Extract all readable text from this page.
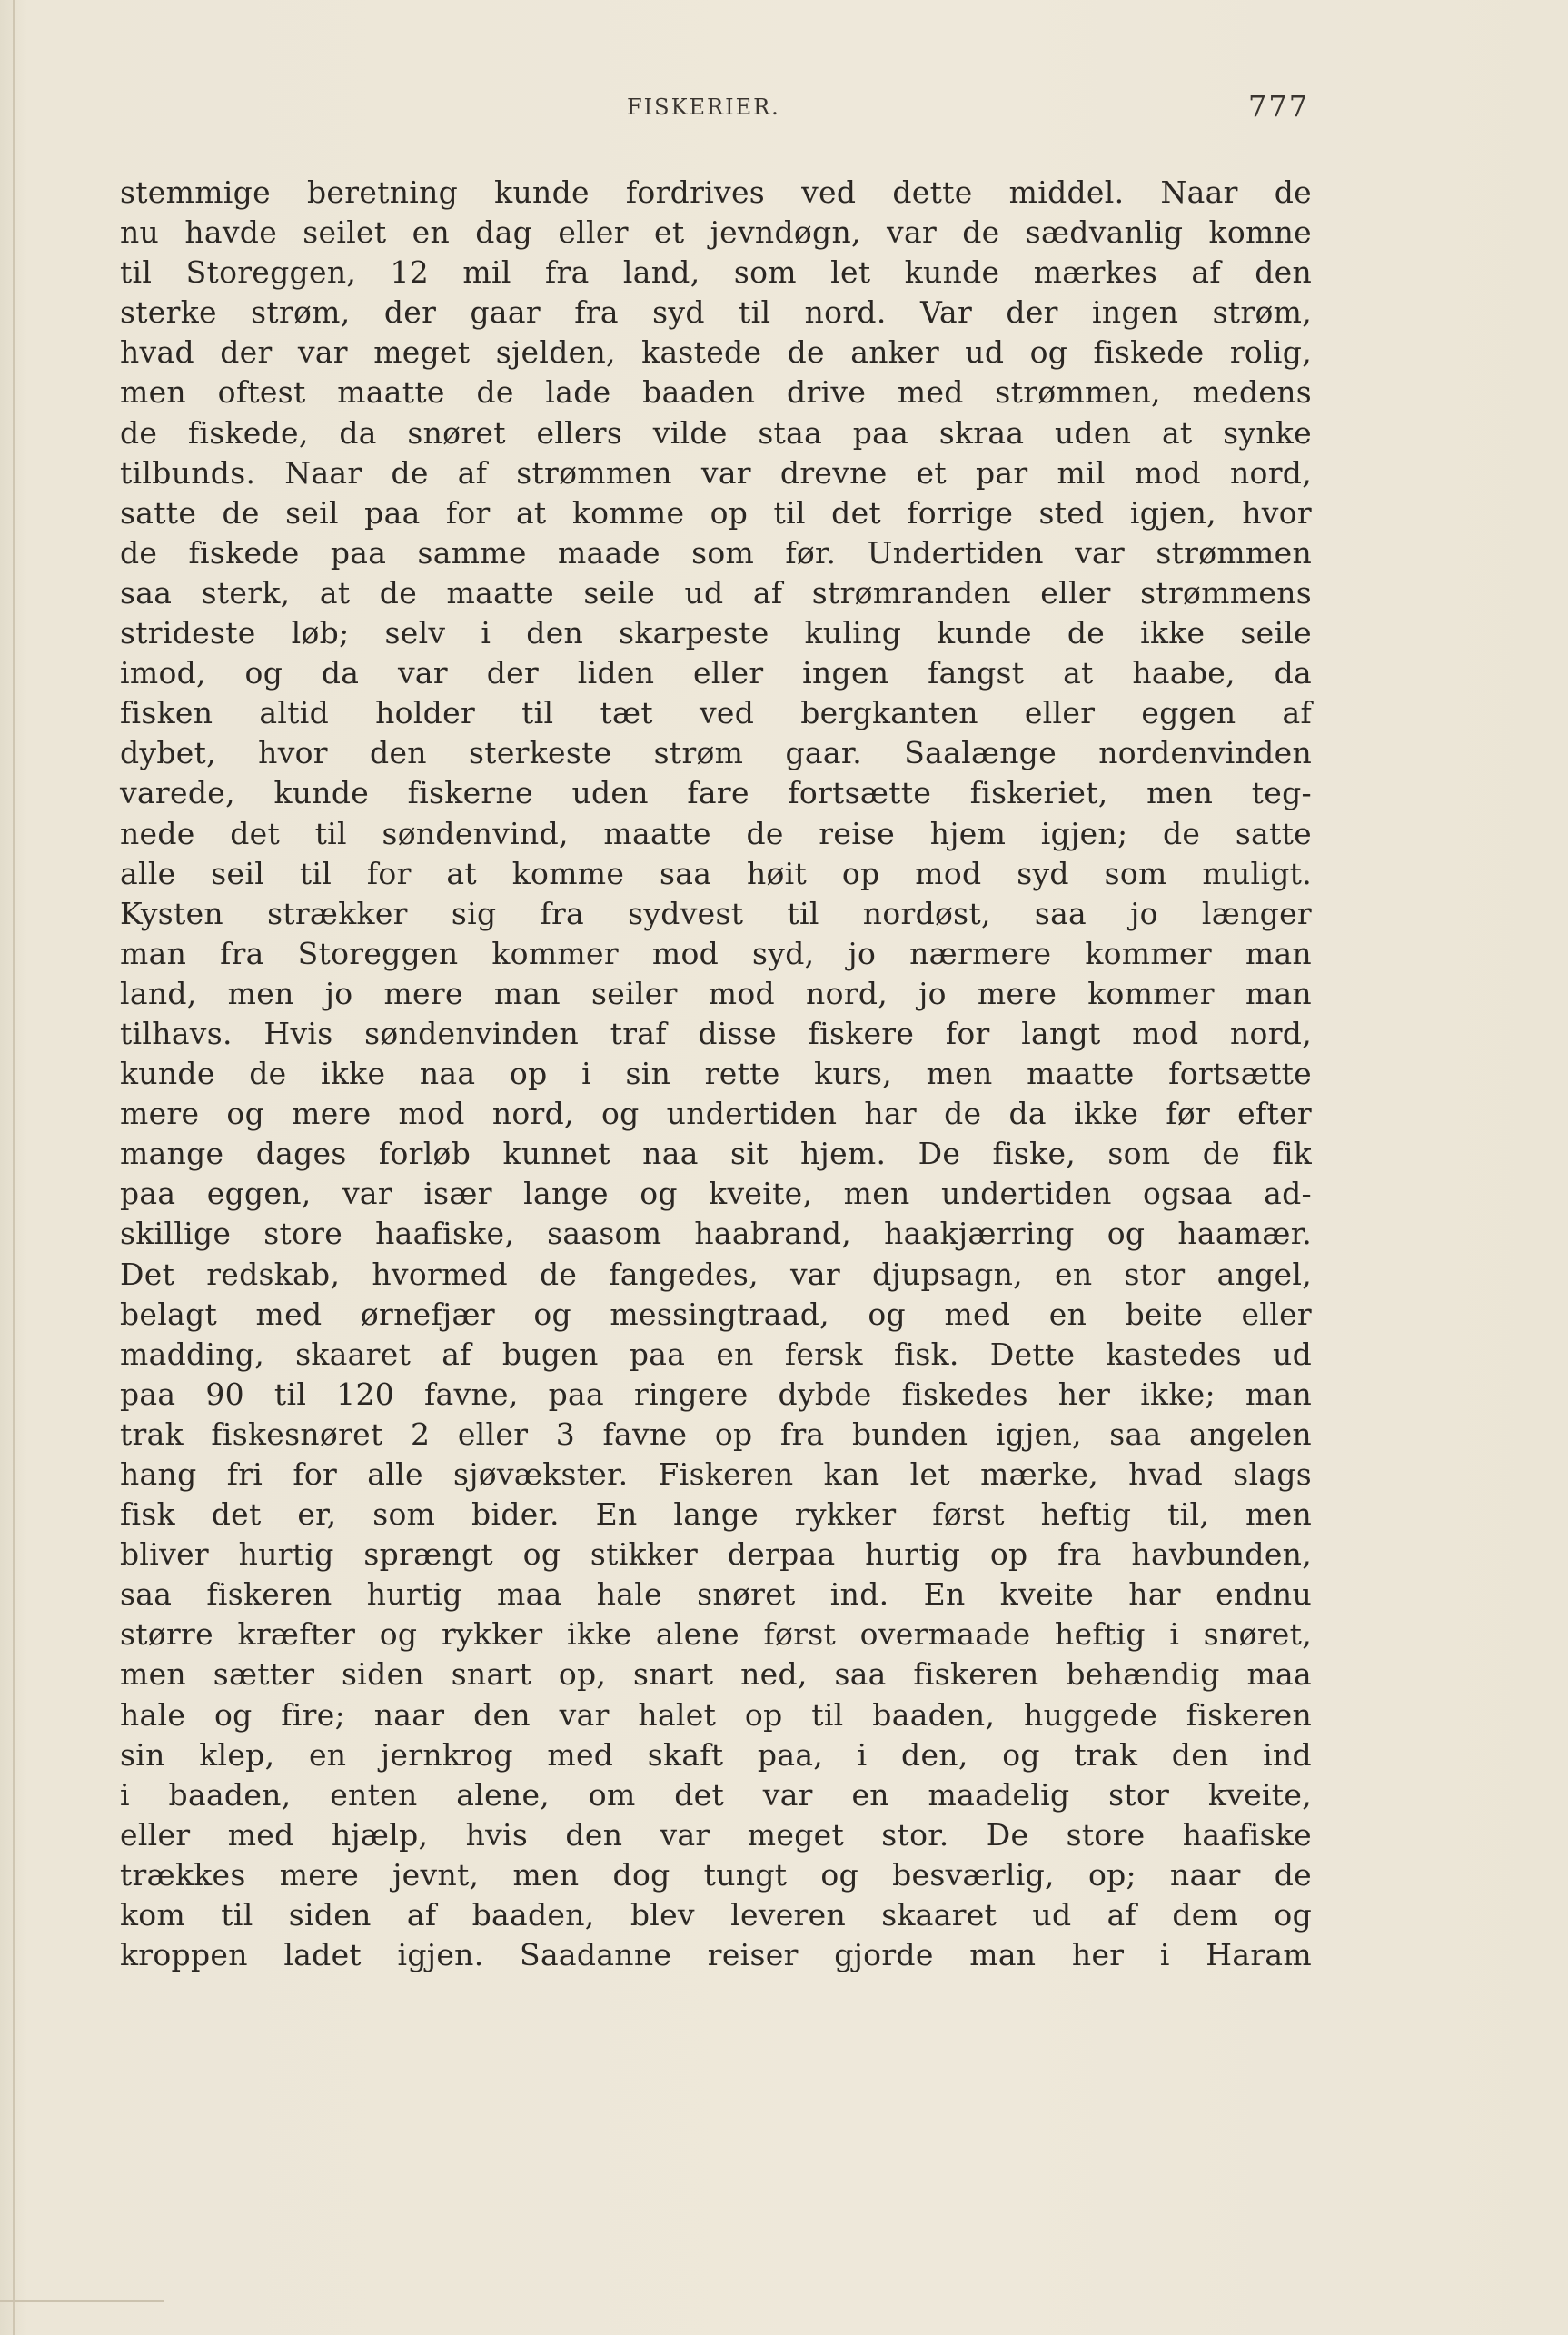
FISKERIER.	777
stemmige beretning kunde fordrives ved dette middel. Naar de
nu havde seilet en dag eller et jevndøgn, var de sædvanlig komne
til Storeggen, 12 mil fra land, som let kunde mærkes af den
sterke strøm, der gaar fra syd til nord. Var der ingen strøm,
hvad der var meget sjelden, kastede de anker ud og fiskede rolig,
men oftest maatte de lade baaden drive med strømmen, medens
de fiskede, da snøret ellers vilde staa paa skraa uden at synke
tilbunds. Naar de af strømmen var drevne et par mil mod nord,
satte de seil paa for at komme op til det forrige sted igjen, hvor
de fiskede paa samme maade som før. Undertiden var strømmen
saa sterk, at de maatte seile ud af strømranden eller strømmens
strideste løb; selv i den skarpeste kuling kunde de ikke seile
imod, og da var der liden eller ingen fangst at haabe, da
fisken altid holder til tæt ved bergkanten eller eggen af
dybet, hvor den sterkeste strøm gaar. Saalænge nordenvinden
varede, kunde fiskerne uden fare fortsætte fiskeriet, men teg-
nede det til søndenvind, maatte de reise hjem igjen; de satte
alle seil til for at komme saa høit op mod syd som muligt.
Kysten strækker sig fra sydvest til nordøst, saa jo længer
man fra Storeggen kommer mod syd, jo nærmere kommer man
land, men jo mere man seiler mod nord, jo mere kommer man
tilhavs. Hvis søndenvinden traf disse fiskere for langt mod nord,
kunde de ikke naa op i sin rette kurs, men maatte fortsætte
mere og mere mod nord, og undertiden har de da ikke før efter
mange dages forløb kunnet naa sit hjem. De fiske, som de fik
paa eggen, var især lange og kveite, men undertiden ogsaa ad-
skillige store haafiske, saasom haabrand, haakjærring og haamær.
Det redskab, hvormed de fangedes, var djupsagn, en stor angel,
belagt med ørnefjær og messingtraad, og med en beite eller
madding, skaaret af bugen paa en fersk fisk. Dette kastedes ud
paa 90 til 120 favne, paa ringere dybde fiskedes her ikke; man
trak fiskesnøret 2 eller 3 favne op fra bunden igjen, saa angelen
hang fri for alle sjøvækster. Fiskeren kan let mærke, hvad slags
fisk det er, som bider. En lange rykker først heftig til, men
bliver hurtig sprængt og stikker derpaa hurtig op fra havbunden,
saa fiskeren hurtig maa hale snøret ind. En kveite har endnu
større kræfter og rykker ikke alene først overmaade heftig i snøret,
men sætter siden snart op, snart ned, saa fiskeren behændig maa
hale og fire; naar den var halet op til baaden, huggede fiskeren
sin klep, en jernkrog med skaft paa, i den, og trak den ind
i baaden, enten alene, om det var en maadelig stor kveite,
eller med hjælp, hvis den var meget stor. De store haafiske
trækkes mere jevnt, men dog tungt og besværlig, op; naar de
kom til siden af baaden, blev leveren skaaret ud af dem og
kroppen ladet igjen. Saadanne reiser gjorde man her i Haram
